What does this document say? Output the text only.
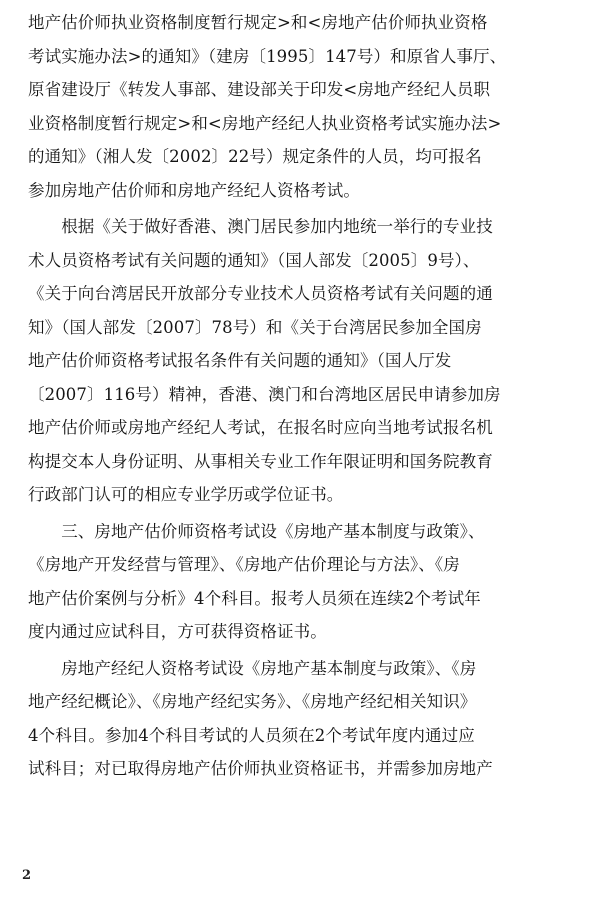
地产估价师执业资格制度暂行规定>和<房地产估价师执业资格
考试实施办法>的通知》（建房〔1995〕147号）和原省人事厅、
原省建设厅《转发人事部、建设部关于印发<房地产经纪人员职
业资格制度暂行规定>和<房地产经纪人执业资格考试实施办法>
的通知》（湘人发〔2002〕22号）规定条件的人员，均可报名
参加房地产估价师和房地产经纪人资格考试。
　　根据《关于做好香港、澳门居民参加内地统一举行的专业技
术人员资格考试有关问题的通知》（国人部发〔2005〕9号）、
《关于向台湾居民开放部分专业技术人员资格考试有关问题的通
知》（国人部发〔2007〕78号）和《关于台湾居民参加全国房
地产估价师资格考试报名条件有关问题的通知》（国人厅发
〔2007〕116号）精神，香港、澳门和台湾地区居民申请参加房
地产估价师或房地产经纪人考试，在报名时应向当地考试报名机
构提交本人身份证明、从事相关专业工作年限证明和国务院教育
行政部门认可的相应专业学历或学位证书。
　　三、房地产估价师资格考试设《房地产基本制度与政策》、
《房地产开发经营与管理》、《房地产估价理论与方法》、《房
地产估价案例与分析》4个科目。报考人员须在连续2个考试年
度内通过应试科目，方可获得资格证书。
　　房地产经纪人资格考试设《房地产基本制度与政策》、《房
地产经纪概论》、《房地产经纪实务》、《房地产经纪相关知识》
4个科目。参加4个科目考试的人员须在2个考试年度内通过应
试科目；对已取得房地产估价师执业资格证书，并需参加房地产
2
